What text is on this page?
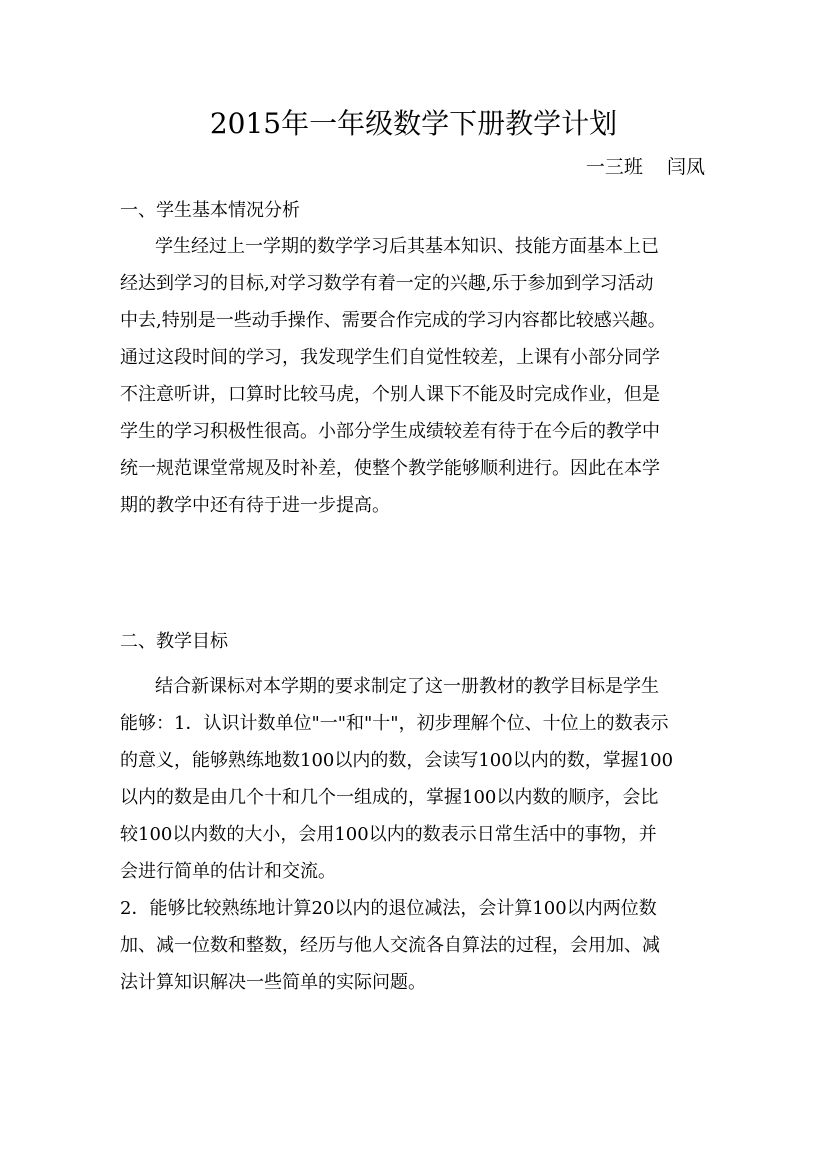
2015年一年级数学下册教学计划
一三班    闫凤
一、学生基本情况分析
学生经过上一学期的数学学习后其基本知识、技能方面基本上已
经达到学习的目标,对学习数学有着一定的兴趣,乐于参加到学习活动
中去,特别是一些动手操作、需要合作完成的学习内容都比较感兴趣。
通过这段时间的学习，我发现学生们自觉性较差，上课有小部分同学
不注意听讲，口算时比较马虎，个别人课下不能及时完成作业，但是
学生的学习积极性很高。小部分学生成绩较差有待于在今后的教学中
统一规范课堂常规及时补差，使整个教学能够顺利进行。因此在本学
期的教学中还有待于进一步提高。
二、教学目标
结合新课标对本学期的要求制定了这一册教材的教学目标是学生
能够：1．认识计数单位"一"和"十"，初步理解个位、十位上的数表示
的意义，能够熟练地数100以内的数，会读写100以内的数，掌握100
以内的数是由几个十和几个一组成的，掌握100以内数的顺序，会比
较100以内数的大小，会用100以内的数表示日常生活中的事物，并
会进行简单的估计和交流。
2．能够比较熟练地计算20以内的退位减法，会计算100以内两位数
加、减一位数和整数，经历与他人交流各自算法的过程，会用加、减
法计算知识解决一些简单的实际问题。
